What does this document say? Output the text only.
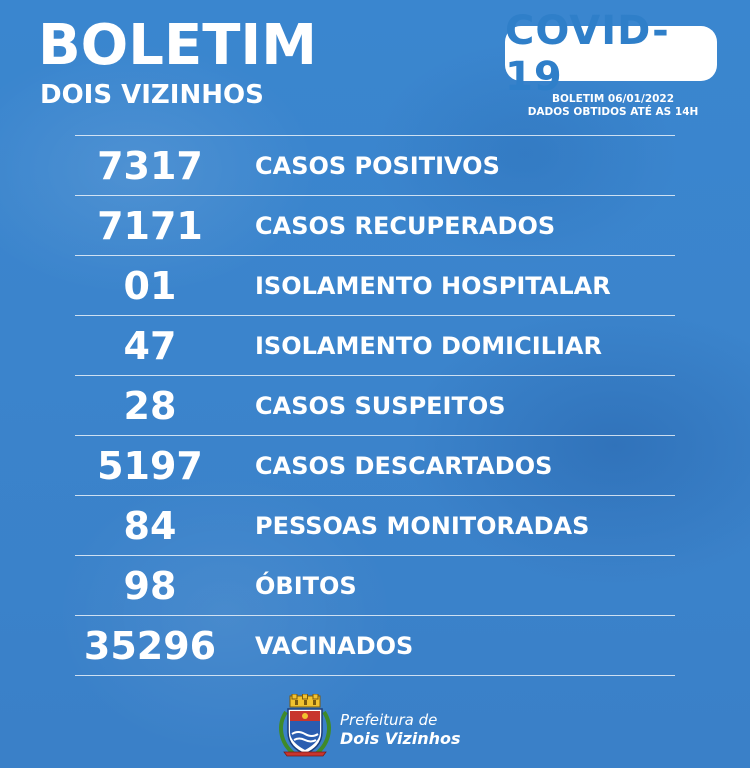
BOLETIM
DOIS VIZINHOS
COVID-19
BOLETIM 06/01/2022
DADOS OBTIDOS ATÉ AS 14H
7317	CASOS POSITIVOS
7171	CASOS RECUPERADOS
01	ISOLAMENTO HOSPITALAR
47	ISOLAMENTO DOMICILIAR
28	CASOS SUSPEITOS
5197	CASOS DESCARTADOS
84	PESSOAS MONITORADAS
98	ÓBITOS
35296	VACINADOS
Prefeitura de
Dois Vizinhos
